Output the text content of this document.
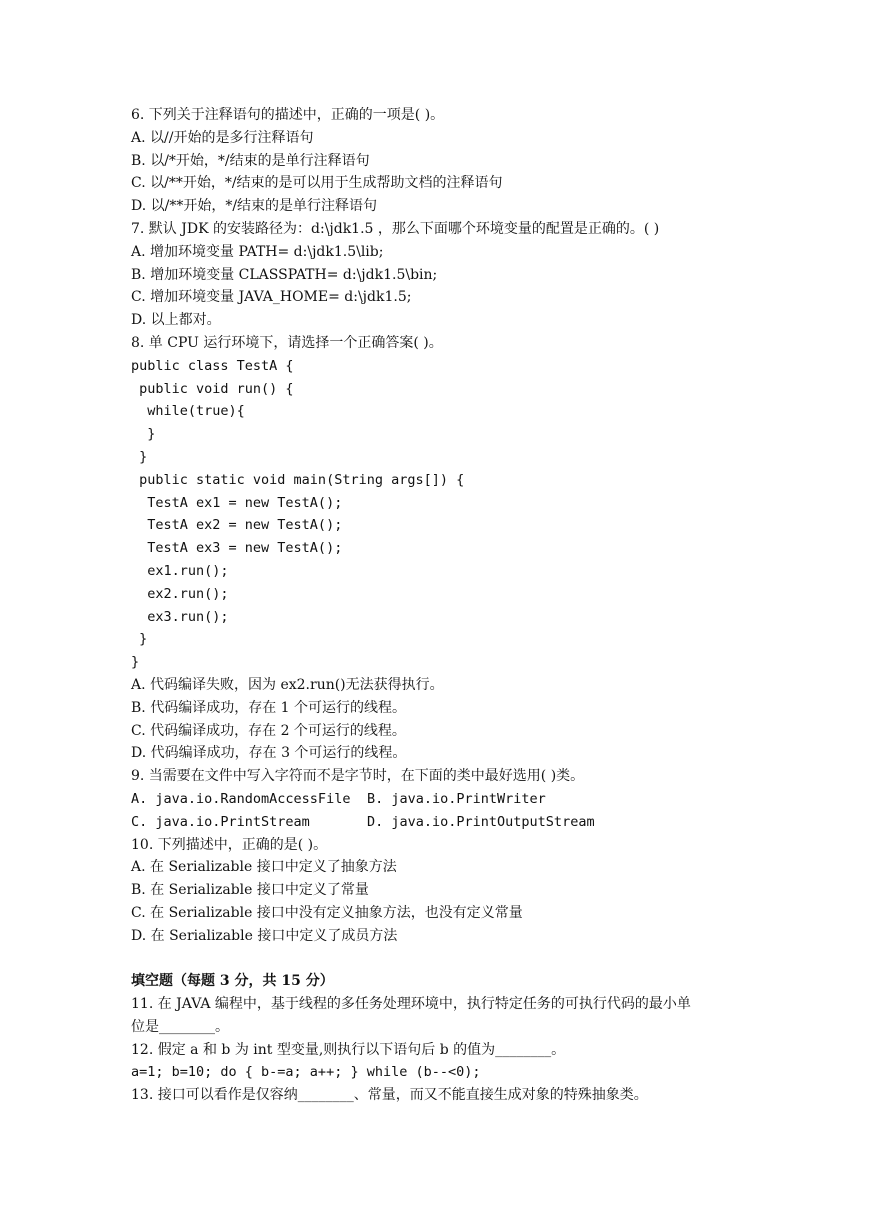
6. 下列关于注释语句的描述中，正确的一项是( )。
A. 以//开始的是多行注释语句
B. 以/*开始，*/结束的是单行注释语句
C. 以/**开始，*/结束的是可以用于生成帮助文档的注释语句
D. 以/**开始，*/结束的是单行注释语句
7. 默认 JDK 的安装路径为：d:\jdk1.5 ，那么下面哪个环境变量的配置是正确的。( )
A. 增加环境变量 PATH= d:\jdk1.5\lib;
B. 增加环境变量 CLASSPATH= d:\jdk1.5\bin;
C. 增加环境变量 JAVA_HOME= d:\jdk1.5;
D. 以上都对。
8. 单 CPU 运行环境下，请选择一个正确答案( )。
public class TestA {
public void run() {
while(true){
}
}
public static void main(String args[]) {
TestA ex1 = new TestA();
TestA ex2 = new TestA();
TestA ex3 = new TestA();
ex1.run();
ex2.run();
ex3.run();
}
}
A. 代码编译失败，因为 ex2.run()无法获得执行。
B. 代码编译成功，存在 1 个可运行的线程。
C. 代码编译成功，存在 2 个可运行的线程。
D. 代码编译成功，存在 3 个可运行的线程。
9. 当需要在文件中写入字符而不是字节时，在下面的类中最好选用( )类。
A. java.io.RandomAccessFile	B. java.io.PrintWriter
C. java.io.PrintStream	D. java.io.PrintOutputStream
10. 下列描述中，正确的是( )。
A. 在 Serializable 接口中定义了抽象方法
B. 在 Serializable 接口中定义了常量
C. 在 Serializable 接口中没有定义抽象方法，也没有定义常量
D. 在 Serializable 接口中定义了成员方法
填空题（每题 3 分，共 15 分）
11. 在 JAVA 编程中，基于线程的多任务处理环境中，执行特定任务的可执行代码的最小单
位是________。
12. 假定 a 和 b 为 int 型变量,则执行以下语句后 b 的值为________。
a=1; b=10; do { b-=a; a++; } while (b--<0);
13. 接口可以看作是仅容纳________、常量，而又不能直接生成对象的特殊抽象类。
